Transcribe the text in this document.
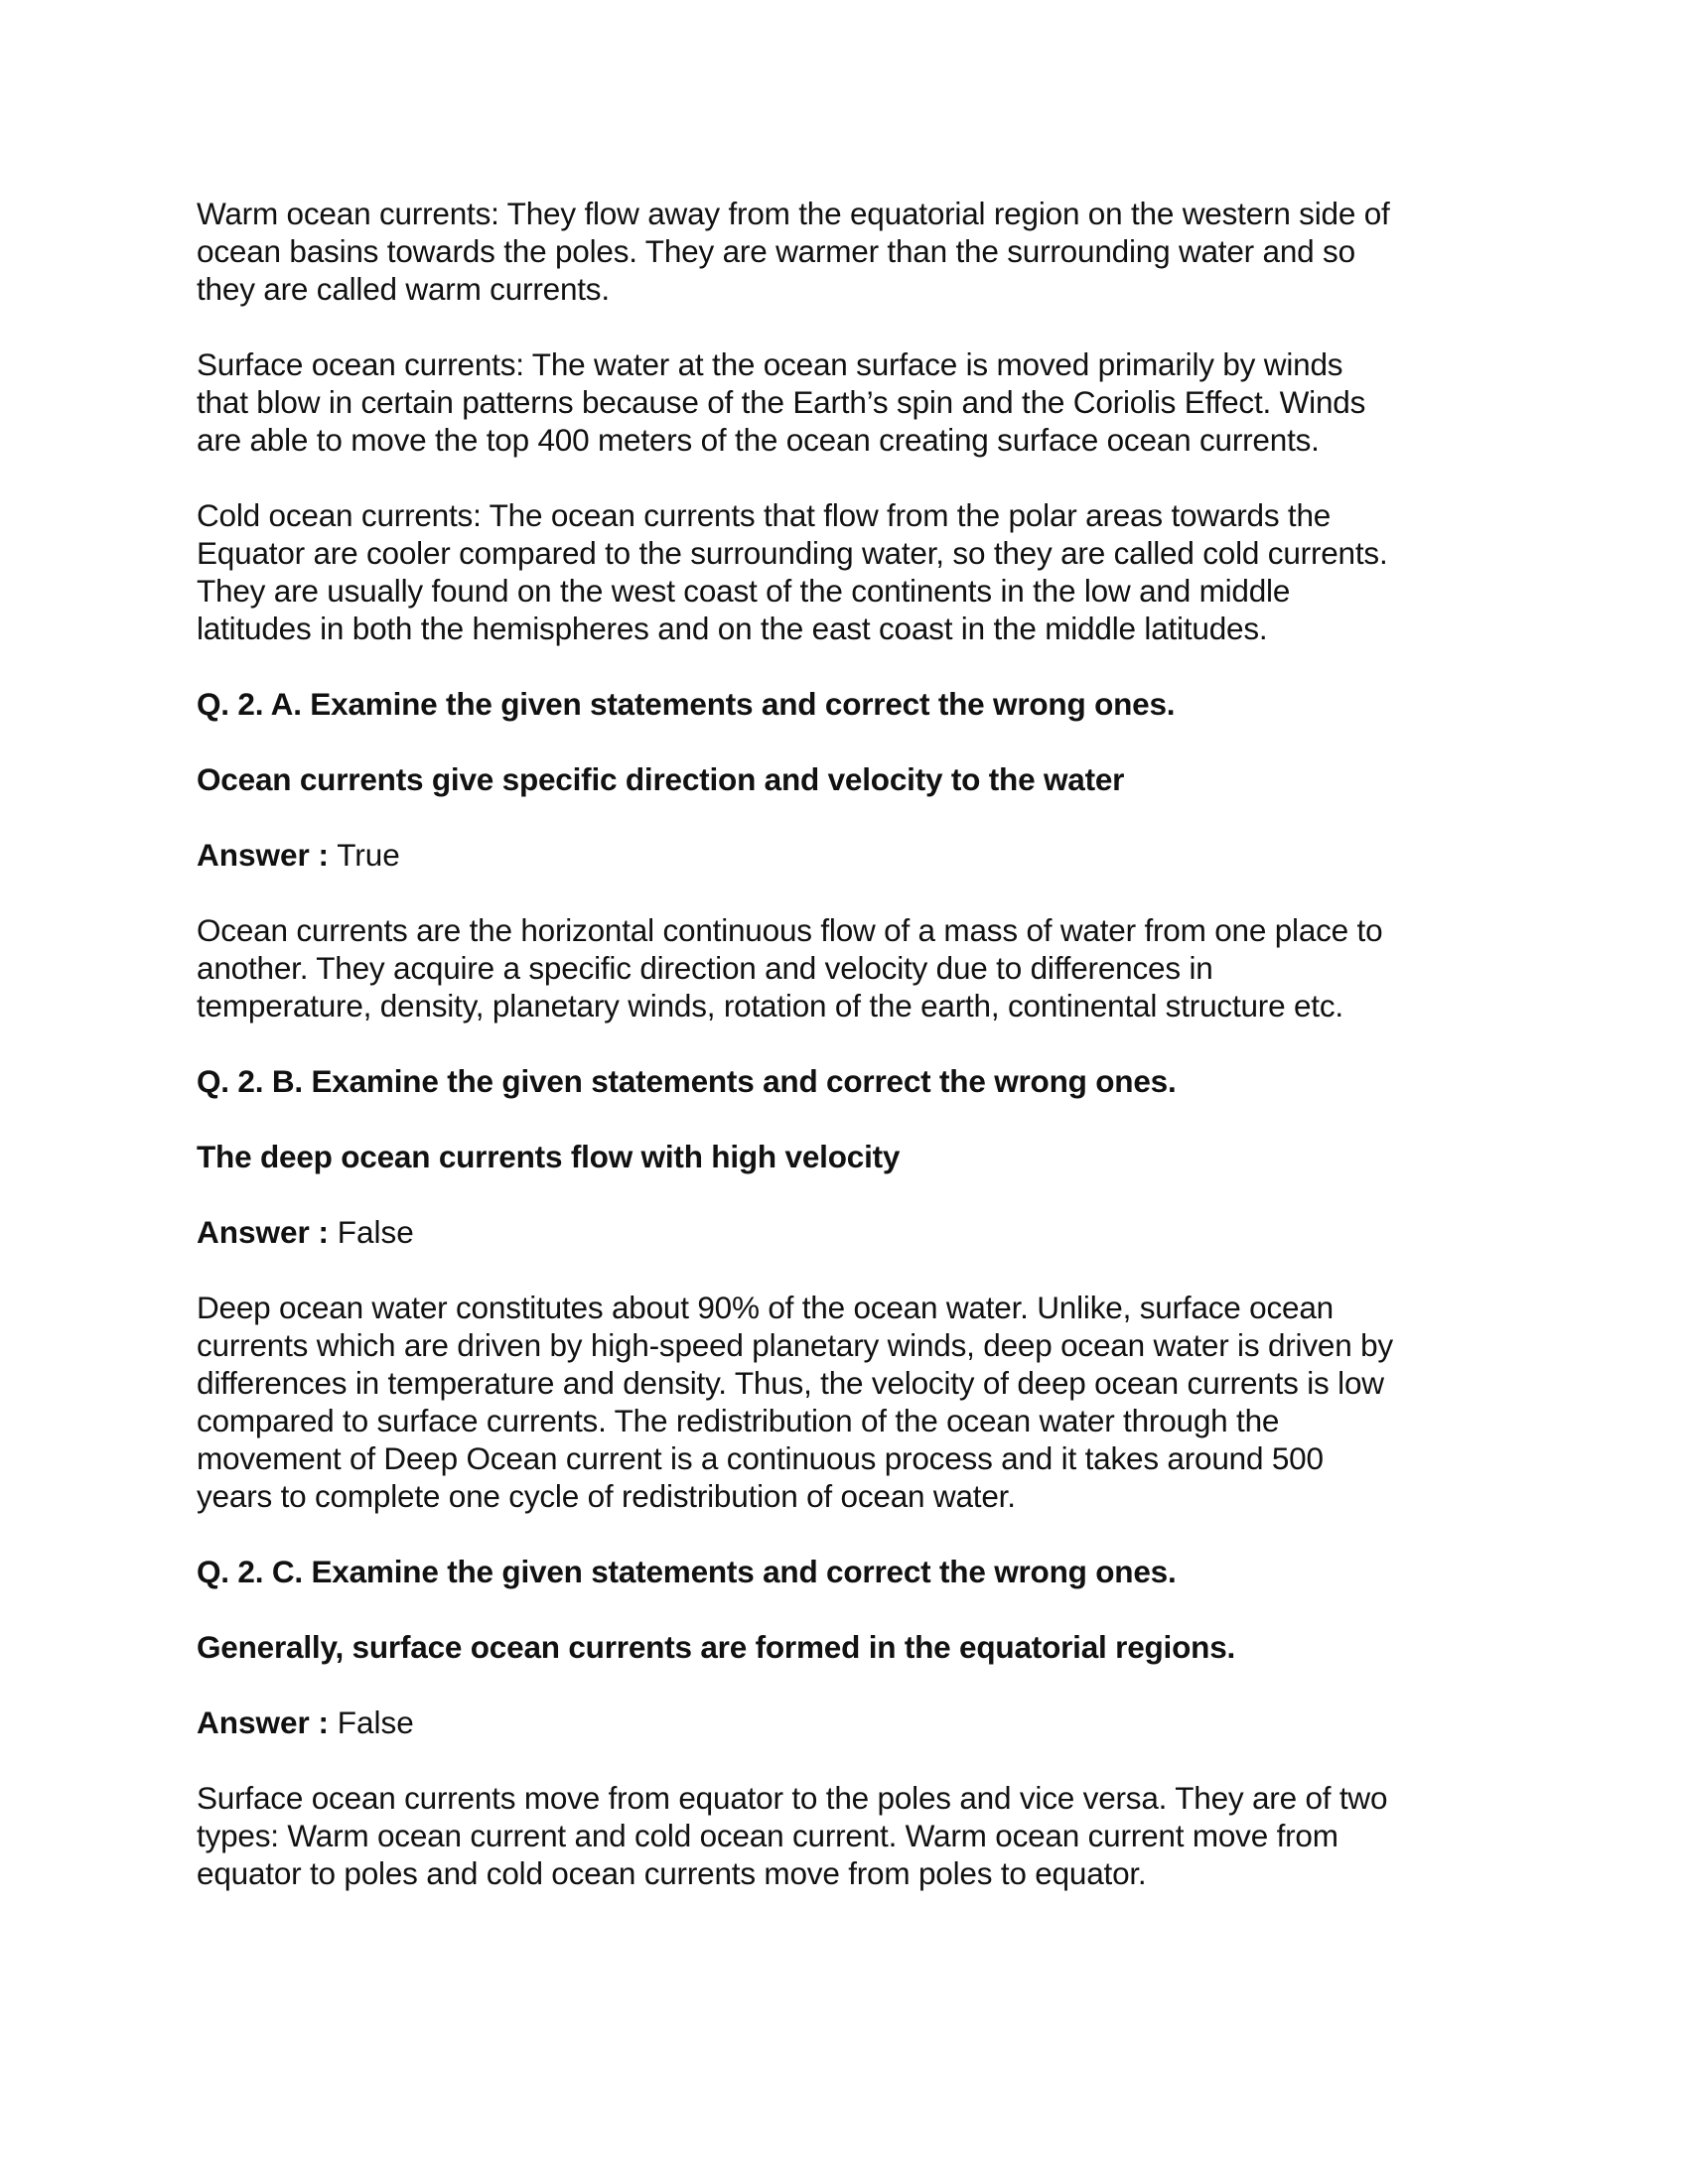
Warm ocean currents: They flow away from the equatorial region on the western side of
ocean basins towards the poles. They are warmer than the surrounding water and so
they are called warm currents.

Surface ocean currents: The water at the ocean surface is moved primarily by winds
that blow in certain patterns because of the Earth’s spin and the Coriolis Effect. Winds
are able to move the top 400 meters of the ocean creating surface ocean currents.

Cold ocean currents: The ocean currents that flow from the polar areas towards the
Equator are cooler compared to the surrounding water, so they are called cold currents.
They are usually found on the west coast of the continents in the low and middle
latitudes in both the hemispheres and on the east coast in the middle latitudes.

Q. 2. A. Examine the given statements and correct the wrong ones.

Ocean currents give specific direction and velocity to the water

Answer : True

Ocean currents are the horizontal continuous flow of a mass of water from one place to
another. They acquire a specific direction and velocity due to differences in
temperature, density, planetary winds, rotation of the earth, continental structure etc.

Q. 2. B. Examine the given statements and correct the wrong ones.

The deep ocean currents flow with high velocity

Answer : False

Deep ocean water constitutes about 90% of the ocean water. Unlike, surface ocean
currents which are driven by high-speed planetary winds, deep ocean water is driven by
differences in temperature and density. Thus, the velocity of deep ocean currents is low
compared to surface currents. The redistribution of the ocean water through the
movement of Deep Ocean current is a continuous process and it takes around 500
years to complete one cycle of redistribution of ocean water.

Q. 2. C. Examine the given statements and correct the wrong ones.

Generally, surface ocean currents are formed in the equatorial regions.

Answer : False

Surface ocean currents move from equator to the poles and vice versa. They are of two
types: Warm ocean current and cold ocean current. Warm ocean current move from
equator to poles and cold ocean currents move from poles to equator.
